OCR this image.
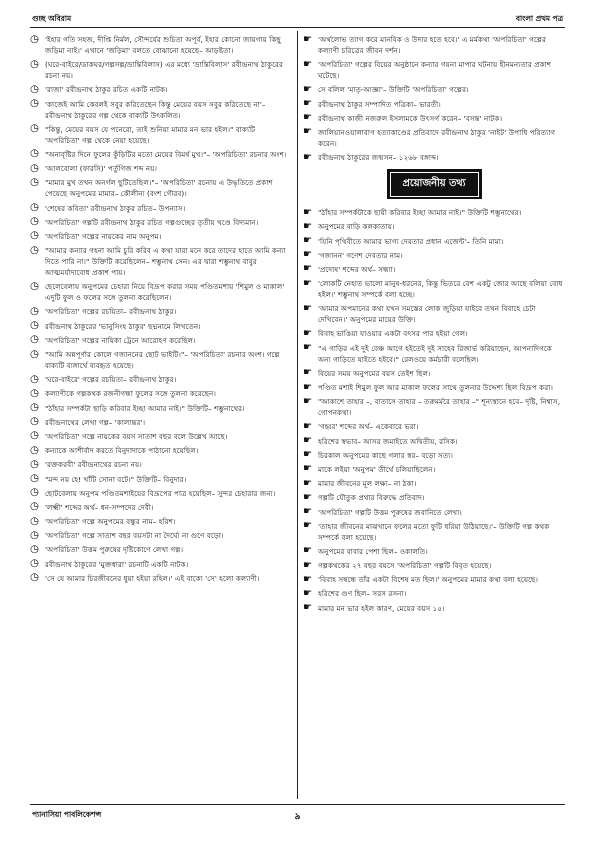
গুচ্ছ অবিরাম	বাংলা প্রথম পত্র
◷ 'ইহার গতি সহজ, দীপ্তি নির্মল, সৌন্দর্যের শুচিতা অপূর্ব, ইহার কোনো জায়গায় কিছু জড়িমা নাই।' এখানে 'জড়িমা' বলতে বোঝানো হয়েছে– আড়ষ্টতা।
◷ (ঘরে-বাইরে/ডাকঘর/গল্পসল্প/ভ্রান্তিবিলাস) এর মধ্যে 'ভ্রান্তিবিলাস' রবীন্দ্রনাথ ঠাকুরের রচনা নয়।
◷ 'রাজা' রবীন্দ্রনাথ ঠাকুর রচিত একটি নাটক।
◷ 'কাজেই আমি কেবলই সবুর করিতেছেন কিন্তু মেয়ের বয়স সবুর করিতেছে না'– রবীন্দ্রনাথ ঠাকুরের গল্প থেকে বাক্যটি উৎকলিত।
◷ "কিন্তু, মেয়ের বয়স যে পনেরো, তাই শুনিয়া মামার মন ভার হইল।" বাক্যটি 'অপরিচিতা' গল্প থেকে নেয়া হয়েছে।
◷ "অনাবৃষ্টির দিনে ফুলের কুঁড়িটির মতো মেয়ের বিমর্ষ মুখ।"– 'অপরিচিতা' রচনার অংশ।
◷ 'আলবোলা (ফারসি)' পর্তুগিজ শব্দ নয়।
◷ "মামার মুখ তখন অনর্গল ছুটিতেছিল।"– 'অপরিচিতা' রচনায় এ উদ্ধৃতিতে প্রকাশ পেয়েছে অনুপমের মামার– কৌলীন্য (বংশ গৌরব)।
◷ 'শেষের কবিতা' রবীন্দ্রনাথ ঠাকুর রচিত– উপন্যাস।
◷ 'অপরিচিতা' গল্পটি রবীন্দ্রনাথ ঠাকুর রচিত গল্পগুচ্ছের তৃতীয় খণ্ডে বিদ্যমান।
◷ 'অপরিচিতা' গল্পের নায়কের নাম অনুপম।
◷ "আমার কন্যার গহনা আমি চুরি করিব এ কথা যারা মনে করে তাদের হাতে আমি কন্যা দিতে পারি না।" উক্তিটি করেছিলেন– শম্ভুনাথ সেন। এর দ্বারা শম্ভুনাথ বাবুর আত্মমর্যাদাবোধ প্রকাশ পায়।
◷ ছেলেবেলায় অনুপমের চেহারা নিয়ে বিদ্রূপ করার সময় পণ্ডিতমশায় 'শিমুল ও মাকাল' এদুটি ফুল ও ফলের সঙ্গে তুলনা করেছিলেন।
◷ 'অপরিচিতা' গল্পের রচয়িতা– রবীন্দ্রনাথ ঠাকুর।
◷ রবীন্দ্রনাথ ঠাকুরের 'ভানুসিংহ ঠাকুর' ছদ্মনামে লিখতেন।
◷ 'অপরিচিতা' গল্পের নায়িকা ট্রেনে আরোহণ করেছিল।
◷ "আমি অন্নপূর্ণার কোলে গজাননের ছোট ভাইটি।"– 'অপরিচিতা' রচনার অংশ। গল্পে বাক্যটি ব্যঙ্গার্থে ব্যবহৃত হয়েছে।
◷ 'ঘরে-বাইরে' গল্পের রচয়িতা– রবীন্দ্রনাথ ঠাকুর।
◷ কল্যাণীকে গল্পকথক রজনীগন্ধা ফুলের সঙ্গে তুলনা করেছেন।
◷ "ঠাঁহার সম্পর্কটা ছাড়ি করিবার ইচ্ছা আমার নাই।" উক্তিটি– শম্ভুনাথের।
◷ রবীন্দ্রনাথের লেখা গল্প– 'কালান্তর'।
◷ 'অপরিচিতা' গল্পে নায়কের বয়স সাতাশ বছর বলে উল্লেখ আছে।
◷ কন্যাকে আশীর্বাদ করতে বিনুদাদাকে পাঠানো হয়েছিল।
◷ 'রক্তকরবী' রবীন্দ্রনাথের রচনা নয়।
◷ "মন্দ নয় হে! খাঁটি সোনা বটে।" উক্তিটি– বিনুদার।
◷ ছোটবেলায় অনুপম পণ্ডিতমশাইয়ের বিদ্রূপের পাত্র হয়েছিল– সুন্দর চেহারার জন্য।
◷ 'লক্ষ্মী' শব্দের অর্থ– ধন-সম্পদের দেবী।
◷ 'অপরিচিতা' গল্পে অনুপমের বন্ধুর নাম– হরিশ।
◷ 'অপরিচিতা' গল্পে সাতাশ বছর বয়সটা না দৈর্ঘ্যে না গুণে বড়ো।
◷ 'অপরিচিতা' উত্তম পুরুষের দৃষ্টিকোণে লেখা গল্প।
◷ রবীন্দ্রনাথ ঠাকুরের 'মুক্তধারা' রচনাটি একটি নাটক।
◷ 'সে যে আমার চিরজীবনের ধুয়া হইয়া রহিল।' এই বাক্যে 'সে' হলো কল্যাণী।
☛ 'অর্থলোভ ত্যাগ করে মানবিক ও উদার হতে হবে।' এ মর্মকথা 'অপরিচিতা' গল্পের কল্যাণী চরিত্রের জীবন দর্শন।
☛ 'অপরিচিতা' গল্পের বিয়ের অনুষ্ঠানে কন্যার গয়না মাপার ঘটনায় হীনমন্যতার প্রকাশ ঘটেছে।
☛ সে বলিল 'মাতৃ-আজ্ঞা'– উক্তিটি 'অপরিচিতা' গল্পের।
☛ রবীন্দ্রনাথ ঠাকুর সম্পাদিত পত্রিকা– ভারতী।
☛ রবীন্দ্রনাথ কাজী নজরুল ইসলামকে উৎসর্গ করেন– 'বসন্ত' নাটক।
☛ জালিয়ানওয়ালাবাগ হত্যাকাণ্ডের প্রতিবাদে রবীন্দ্রনাথ ঠাকুর 'নাইট' উপাধি পরিত্যাগ করেন।
☛ রবীন্দ্রনাথ ঠাকুরের জন্মসন– ১২৬৮ বঙ্গাব্দ।
প্রয়োজনীয় তথ্য
☛ "ঠাঁহার সম্পর্কটাকে ছায়ী করিবার ইচ্ছা আমার নাই।" উক্তিটি শম্ভুনাথের।
☛ অনুপমের বাড়ি কলকাতায়।
☛ 'যিনি পৃথিবীতে আমার ভাগ্য দেবতার প্রধান এজেন্ট'– তিনি মামা।
☛ 'গজানন' গণেশ দেবতার নাম।
☛ 'প্রদোষ' শব্দের অর্থ– সন্ধ্যা।
☛ 'লোকটি নেহাত ভালো মানুষ-ধরনের, কিন্তু ভিতরে বেশ একটু জোর আছে বলিয়া বোধ হইল।' শম্ভুনাথ সম্পর্কে বলা হচ্ছে।
☛ 'আমার অপমানের কথা যখন সমস্তের লোক জুড়িয়া যাইবে তখন বিবাহে চেটা দেখিবেন।' অনুপমের মায়ের উক্তি।
☛ বিবাহ ভাঙিয়া যাওয়ার একটা বৎসর পার হইয়া গেল।
☛ "এ গাড়ির এই দুই বেঞ্চ আগে হইতেই দুই সাহেব রিজার্ভ করিয়াছেন, আপনাদিগকে অন্য গাড়িতে যাইতে হইবে।" রেলওয়ে কর্মচারী বলেছিল।
☛ বিয়ের সময় অনুপমের বয়স তেইশ ছিল।
☛ পণ্ডিত মশাই শিমুল ফুল আর মাকাল ফলের সাথে তুলনার উদ্দেশ্য ছিল বিদ্রূপ করা।
☛ "আকাশে তাহার –, বাতাসে তাহার – তরুমর্মরে তাহার –" শূন্যস্থানে হবে– দৃষ্টি, নিশ্বাস, গোপনকথা।
☛ 'গহ্বর' শব্দের অর্থ– একেবারে ভরা।
☛ হরিশের স্বভাব– আসর জমাইতে অদ্বিতীয়, রসিক।
☛ চিরকাল অনুপমের কাছে গলার স্বর– বড়ো সত্য।
☛ মাকে লইয়া 'অনুপম' তীর্থে চলিয়াছিলেন।
☛ মামার জীবনের মূল লক্ষ্য– না ঠকা।
☛ গল্পটি যৌতুক প্রথার বিরুদ্ধে প্রতিবাদ।
☛ 'অপরিচিতা' গল্পটি উত্তম পুরুষের জবানিতে লেখা।
☛ 'তাহার জীবনের মাঝখানে ফলের মতো ফুটি ধরিয়া উঠিয়াছে।'– উক্তিটি গল্প কথক সম্পর্কে বলা হয়েছে।
☛ অনুপমের বাবার পেশা ছিল– ওকালতি।
☛ গল্পকথকের ২৭ বছর বয়সে 'অপরিচিতা' গল্পটি বিবৃত হয়েছে।
☛ 'বিবাহ সম্বন্ধে তাঁর একটা বিশেষ মত ছিল।' অনুপমের মামার কথা বলা হয়েছে।
☛ হরিশের গুণ ছিল– সরস রসনা।
☛ মামার মন ভার হইল কারণ, মেয়ের বয়স ১৫।
প্যানাসিয়া পাবলিকেশন্স	৯
